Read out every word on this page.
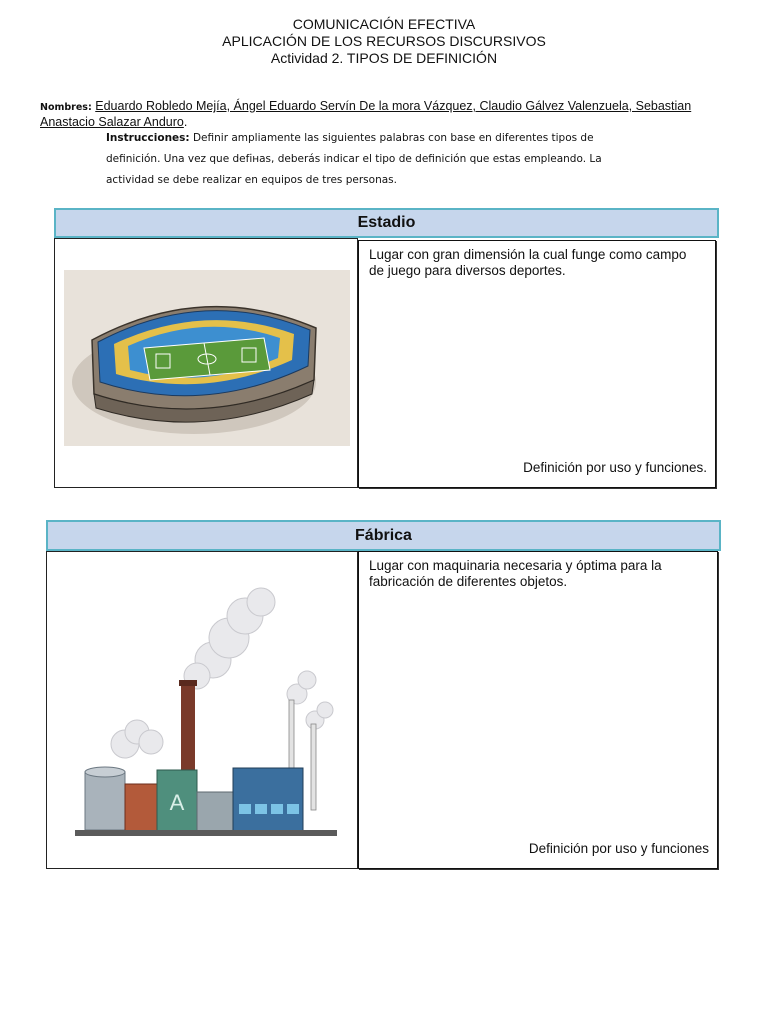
COMUNICACIÓN EFECTIVA
APLICACIÓN DE LOS RECURSOS DISCURSIVOS
Actividad 2. TIPOS DE DEFINICIÓN
Nombres: Eduardo Robledo Mejía, Ángel Eduardo Servín De la mora Vázquez, Claudio Gálvez Valenzuela, Sebastian Anastacio Salazar Anduro.
Instrucciones: Definir ampliamente las siguientes palabras con base en diferentes tipos de definición. Una vez que defінas, deberás indicar el tipo de definición que estas empleando. La actividad se debe realizar en equipos de tres personas.
Estadio
Lugar con gran dimensión la cual funge como campo de juego para diversos deportes.
Definición por uso y funciones.
Fábrica
A
Lugar con maquinaria necesaria y óptima para la fabricación de diferentes objetos.
Definición por uso y funciones
